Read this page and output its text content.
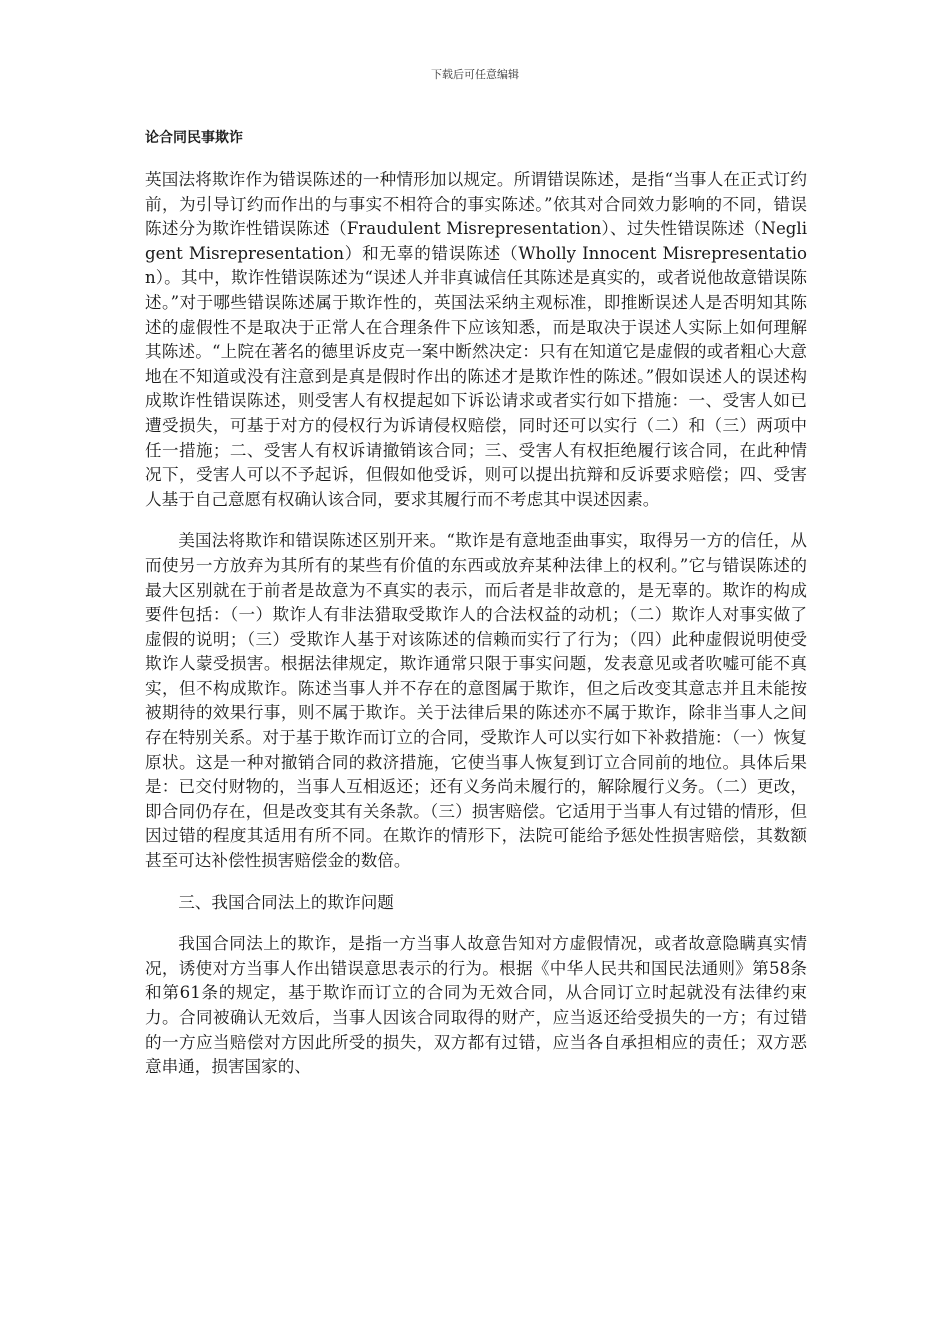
下载后可任意编辑
论合同民事欺诈

英国法将欺诈作为错误陈述的一种情形加以规定。所谓错误陈述，是指“当事人在正式订约前，为引导订约而作出的与事实不相符合的事实陈述。”依其对合同效力影响的不同，错误陈述分为欺诈性错误陈述（Fraudulent Misrepresentation）、过失性错误陈述（Negligent Misrepresentation）和无辜的错误陈述（Wholly Innocent Misrepresentation）。其中，欺诈性错误陈述为“误述人并非真诚信任其陈述是真实的，或者说他故意错误陈述。”对于哪些错误陈述属于欺诈性的，英国法采纳主观标准，即推断误述人是否明知其陈述的虚假性不是取决于正常人在合理条件下应该知悉，而是取决于误述人实际上如何理解其陈述。“上院在著名的德里诉皮克一案中断然决定：只有在知道它是虚假的或者粗心大意地在不知道或没有注意到是真是假时作出的陈述才是欺诈性的陈述。”假如误述人的误述构成欺诈性错误陈述，则受害人有权提起如下诉讼请求或者实行如下措施：一、受害人如已遭受损失，可基于对方的侵权行为诉请侵权赔偿，同时还可以实行（二）和（三）两项中任一措施；二、受害人有权诉请撤销该合同；三、受害人有权拒绝履行该合同，在此种情况下，受害人可以不予起诉，但假如他受诉，则可以提出抗辩和反诉要求赔偿；四、受害人基于自己意愿有权确认该合同，要求其履行而不考虑其中误述因素。

美国法将欺诈和错误陈述区别开来。“欺诈是有意地歪曲事实，取得另一方的信任，从而使另一方放弃为其所有的某些有价值的东西或放弃某种法律上的权利。”它与错误陈述的最大区别就在于前者是故意为不真实的表示，而后者是非故意的，是无辜的。欺诈的构成要件包括：（一）欺诈人有非法猎取受欺诈人的合法权益的动机；（二）欺诈人对事实做了虚假的说明；（三）受欺诈人基于对该陈述的信赖而实行了行为；（四）此种虚假说明使受欺诈人蒙受损害。根据法律规定，欺诈通常只限于事实问题，发表意见或者吹嘘可能不真实，但不构成欺诈。陈述当事人并不存在的意图属于欺诈，但之后改变其意志并且未能按被期待的效果行事，则不属于欺诈。关于法律后果的陈述亦不属于欺诈，除非当事人之间存在特别关系。对于基于欺诈而订立的合同，受欺诈人可以实行如下补救措施：（一）恢复原状。这是一种对撤销合同的救济措施，它使当事人恢复到订立合同前的地位。具体后果是：已交付财物的，当事人互相返还；还有义务尚未履行的，解除履行义务。（二）更改，即合同仍存在，但是改变其有关条款。（三）损害赔偿。它适用于当事人有过错的情形，但因过错的程度其适用有所不同。在欺诈的情形下，法院可能给予惩处性损害赔偿，其数额甚至可达补偿性损害赔偿金的数倍。

三、我国合同法上的欺诈问题

我国合同法上的欺诈，是指一方当事人故意告知对方虚假情况，或者故意隐瞒真实情况，诱使对方当事人作出错误意思表示的行为。根据《中华人民共和国民法通则》第58条和第61条的规定，基于欺诈而订立的合同为无效合同，从合同订立时起就没有法律约束力。合同被确认无效后，当事人因该合同取得的财产，应当返还给受损失的一方；有过错的一方应当赔偿对方因此所受的损失，双方都有过错，应当各自承担相应的责任；双方恶意串通，损害国家的、
